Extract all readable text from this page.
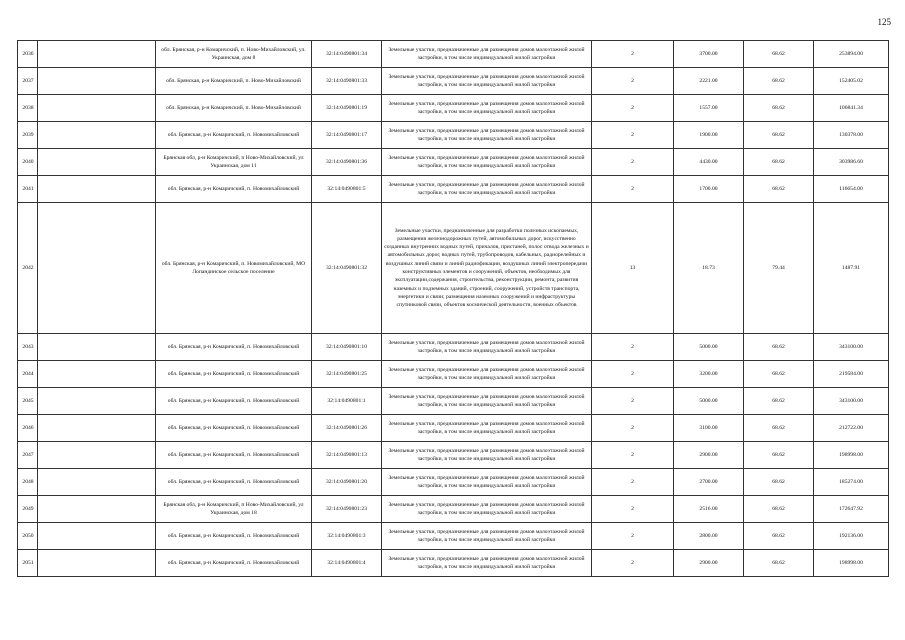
125
2036		обл. Брянская, р-н Комаричский, п. Ново-Михайловский, ул. Украинская, дом 8	32:14:0490801:34	Земельные участки, предназначенные для размещения домов малоэтажной жилой застройки, в том числе индивидуальной жилой застройки	2	3700.00	68.62	253894.00
2037		обл. Брянская, р-н Комаричский, п. Ново-Михайловский	32:14:0490801:33	Земельные участки, предназначенные для размещения домов малоэтажной жилой застройки, в том числе индивидуальной жилой застройки	2	2221.00	68.62	152405.02
2038		обл. Брянская, р-н Комаричский, п. Ново-Михайловский	32:14:0490801:19	Земельные участки, предназначенные для размещения домов малоэтажной жилой застройки, в том числе индивидуальной жилой застройки	2	1557.00	68.62	106841.34
2039		обл. Брянская, р-н Комаричский, п. Новомихайловский	32:14:0490801:17	Земельные участки, предназначенные для размещения домов малоэтажной жилой застройки, в том числе индивидуальной жилой застройки	2	1900.00	68.62	130378.00
2040		Брянская обл, р-н Комаричский, п Ново-Михайловский, ул Украинская, дом 11	32:14:0490801:36	Земельные участки, предназначенные для размещения домов малоэтажной жилой застройки, в том числе индивидуальной жилой застройки	2	4430.00	68.62	303986.60
2041		обл. Брянская, р-н Комаричский, п. Новомихайловский	32:14:0490801:5	Земельные участки, предназначенные для размещения домов малоэтажной жилой застройки, в том числе индивидуальной жилой застройки	2	1700.00	68.62	116654.00
2042		обл. Брянская, р-н Комаричский, п. Новомихайловский, МО Лопандинское сельское поселение	32:14:0490801:32	Земельные участки, предназначенные для разработки полезных ископаемых, размещения железнодорожных путей, автомобильных дорог, искусственно созданных внутренних водных путей, причалов, пристаней, полос отвода железных и автомобильных дорог, водных путей, трубопроводов, кабельных, радиорелейных и воздушных линий связи и линий радиофикации, воздушных линий электропередачи конструктивных элементов и сооружений, объектов, необходимых для эксплуатации,содержания, строительства, реконструкции, ремонта, развития наземных и подземных зданий, строений, сооружений, устройств транспорта, энергетики и связи; размещения наземных сооружений и инфраструктуры спутниковой связи, объектов космической деятельности, военных объектов	13	18.73	79.44	1487.91
2043		обл. Брянская, р-н Комаричский, п. Новомихайловский	32:14:0490801:10	Земельные участки, предназначенные для размещения домов малоэтажной жилой застройки, в том числе индивидуальной жилой застройки	2	5000.00	68.62	343100.00
2044		обл. Брянская, р-н Комаричский, п. Новомихайловский	32:14:0490801:25	Земельные участки, предназначенные для размещения домов малоэтажной жилой застройки, в том числе индивидуальной жилой застройки	2	3200.00	68.62	219584.00
2045		обл. Брянская, р-н Комаричский, п. Новомихайловский	32:14:0490801:1	Земельные участки, предназначенные для размещения домов малоэтажной жилой застройки, в том числе индивидуальной жилой застройки	2	5000.00	68.62	343100.00
2046		обл. Брянская, р-н Комаричский, п. Новомихайловский	32:14:0490801:26	Земельные участки, предназначенные для размещения домов малоэтажной жилой застройки, в том числе индивидуальной жилой застройки	2	3100.00	68.62	212722.00
2047		обл. Брянская, р-н Комаричский, п. Новомихайловский	32:14:0490801:13	Земельные участки, предназначенные для размещения домов малоэтажной жилой застройки, в том числе индивидуальной жилой застройки	2	2900.00	68.62	198998.00
2048		обл. Брянская, р-н Комаричский, п. Новомихайловский	32:14:0490801:20	Земельные участки, предназначенные для размещения домов малоэтажной жилой застройки, в том числе индивидуальной жилой застройки	2	2700.00	68.62	185274.00
2049		Брянская обл, р-н Комаричский, п Ново-Михайловский, ул Украинская, дом 18	32:14:0490801:23	Земельные участки, предназначенные для размещения домов малоэтажной жилой застройки, в том числе индивидуальной жилой застройки	2	2516.00	68.62	172647.92
2050		обл. Брянская, р-н Комаричский, п. Новомихайловский	32:14:0490801:3	Земельные участки, предназначенные для размещения домов малоэтажной жилой застройки, в том числе индивидуальной жилой застройки	2	2800.00	68.62	192136.00
2051		обл. Брянская, р-н Комаричский, п. Новомихайловский	32:14:0490801:4	Земельные участки, предназначенные для размещения домов малоэтажной жилой застройки, в том числе индивидуальной жилой застройки	2	2900.00	68.62	198998.00
